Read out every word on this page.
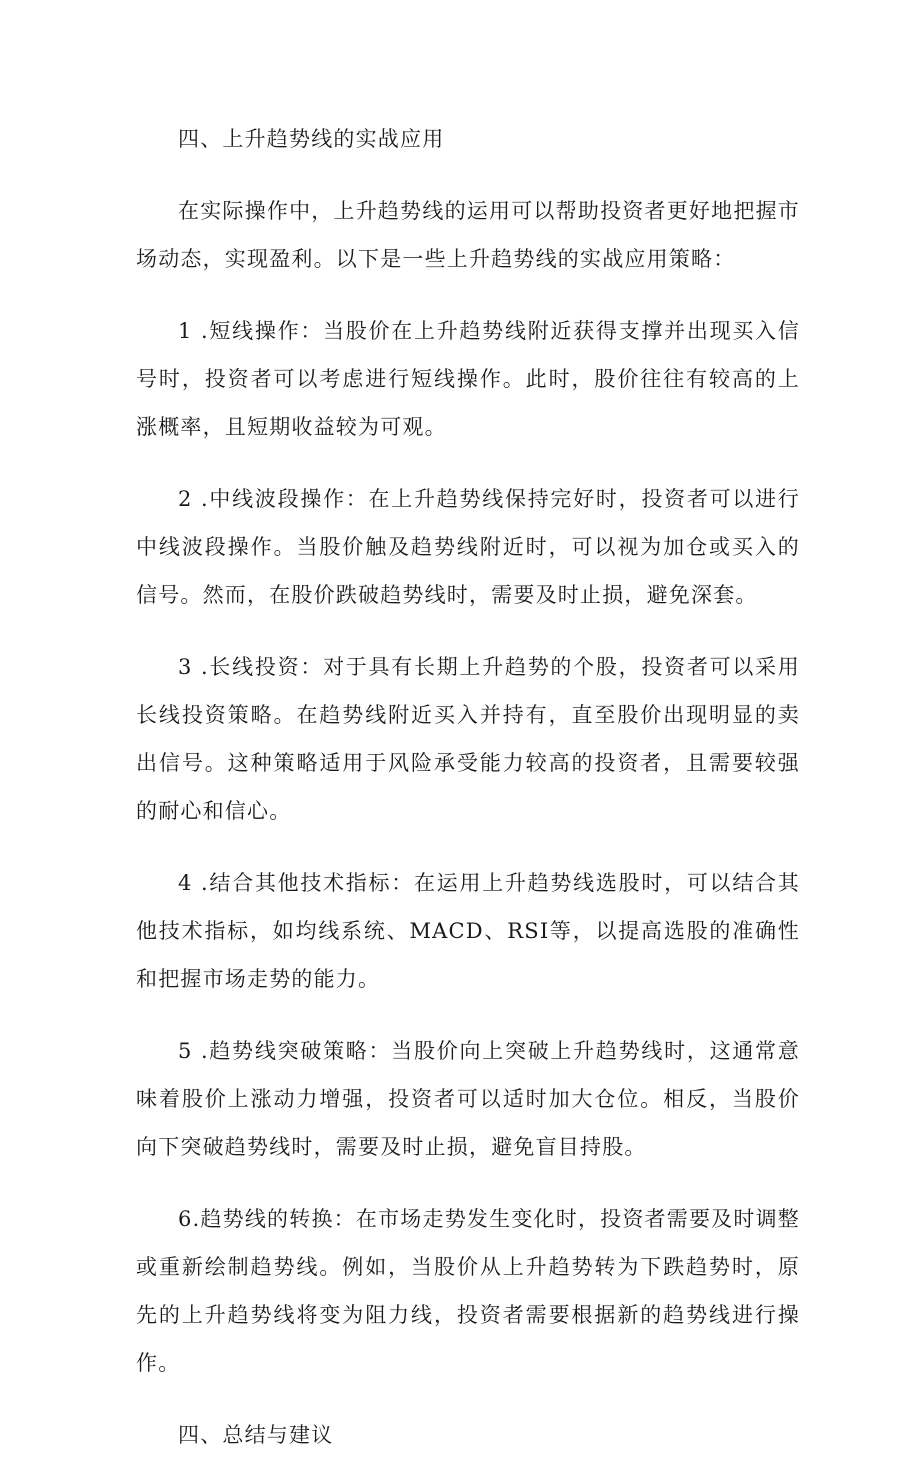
四、上升趋势线的实战应用

在实际操作中，上升趋势线的运用可以帮助投资者更好地把握市场动态，实现盈利。以下是一些上升趋势线的实战应用策略：

1 .短线操作：当股价在上升趋势线附近获得支撑并出现买入信号时，投资者可以考虑进行短线操作。此时，股价往往有较高的上涨概率，且短期收益较为可观。

2 .中线波段操作：在上升趋势线保持完好时，投资者可以进行中线波段操作。当股价触及趋势线附近时，可以视为加仓或买入的信号。然而，在股价跌破趋势线时，需要及时止损，避免深套。

3 .长线投资：对于具有长期上升趋势的个股，投资者可以采用长线投资策略。在趋势线附近买入并持有，直至股价出现明显的卖出信号。这种策略适用于风险承受能力较高的投资者，且需要较强的耐心和信心。

4 .结合其他技术指标：在运用上升趋势线选股时，可以结合其他技术指标，如均线系统、MACD、RSI等，以提高选股的准确性和把握市场走势的能力。

5 .趋势线突破策略：当股价向上突破上升趋势线时，这通常意味着股价上涨动力增强，投资者可以适时加大仓位。相反，当股价向下突破趋势线时，需要及时止损，避免盲目持股。

6.趋势线的转换：在市场走势发生变化时，投资者需要及时调整或重新绘制趋势线。例如，当股价从上升趋势转为下跌趋势时，原先的上升趋势线将变为阻力线，投资者需要根据新的趋势线进行操作。

四、总结与建议
